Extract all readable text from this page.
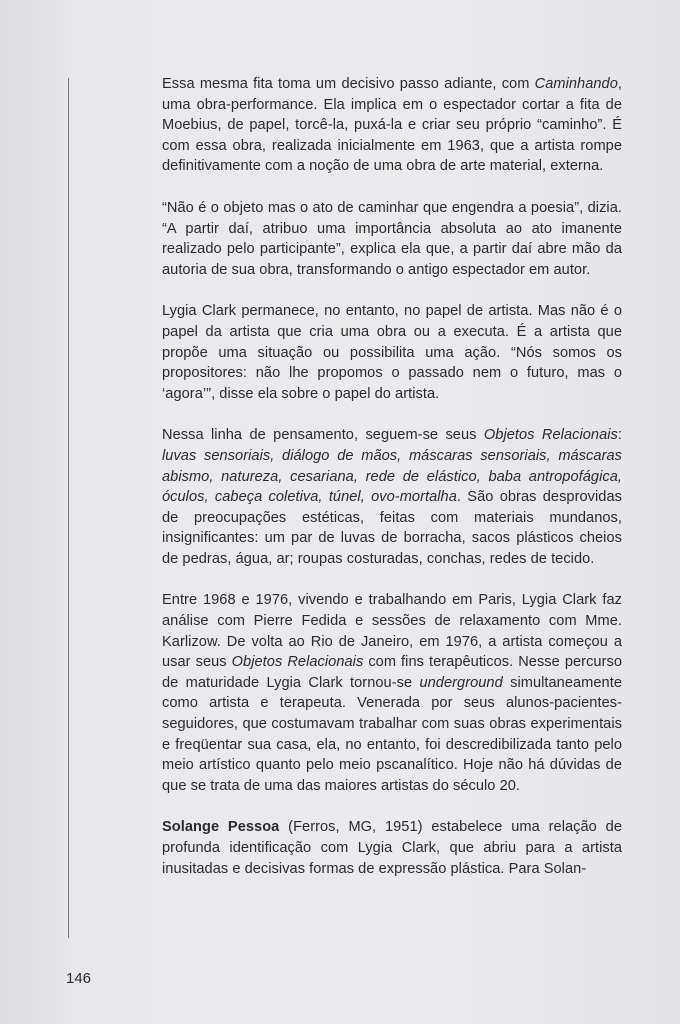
Essa mesma fita toma um decisivo passo adiante, com Caminhando, uma obra-performance. Ela implica em o espectador cortar a fita de Moebius, de papel, torcê-la, puxá-la e criar seu próprio “caminho”. É com essa obra, realizada inicialmente em 1963, que a artista rompe definitivamente com a noção de uma obra de arte material, externa.

“Não é o objeto mas o ato de caminhar que engendra a poesia”, dizia. “A partir daí, atribuo uma importância absoluta ao ato imanente realizado pelo participante”, explica ela que, a partir daí abre mão da autoria de sua obra, transformando o antigo espectador em autor.

Lygia Clark permanece, no entanto, no papel de artista. Mas não é o papel da artista que cria uma obra ou a executa. É a artista que propõe uma situação ou possibilita uma ação. “Nós somos os propositores: não lhe propomos o passado nem o futuro, mas o ‘agora’”, disse ela sobre o papel do artista.

Nessa linha de pensamento, seguem-se seus Objetos Relacionais: luvas sensoriais, diálogo de mãos, máscaras sensoriais, máscaras abismo, natureza, cesariana, rede de elástico, baba antropofágica, óculos, cabeça coletiva, túnel, ovo-mortalha. São obras desprovidas de preocupações estéticas, feitas com materiais mundanos, insignificantes: um par de luvas de borracha, sacos plásticos cheios de pedras, água, ar; roupas costuradas, conchas, redes de tecido.

Entre 1968 e 1976, vivendo e trabalhando em Paris, Lygia Clark faz análise com Pierre Fedida e sessões de relaxamento com Mme. Karlizow. De volta ao Rio de Janeiro, em 1976, a artista começou a usar seus Objetos Relacionais com fins terapêuticos. Nesse percurso de maturidade Lygia Clark tornou-se underground simultaneamente como artista e terapeuta. Venerada por seus alunos-pacientes-seguidores, que costumavam trabalhar com suas obras experimentais e freqüentar sua casa, ela, no entanto, foi descredibilizada tanto pelo meio artístico quanto pelo meio pscanalítico. Hoje não há dúvidas de que se trata de uma das maiores artistas do século 20.

Solange Pessoa (Ferros, MG, 1951) estabelece uma relação de profunda identificação com Lygia Clark, que abriu para a artista inusitadas e decisivas formas de expressão plástica. Para Solan-

146
